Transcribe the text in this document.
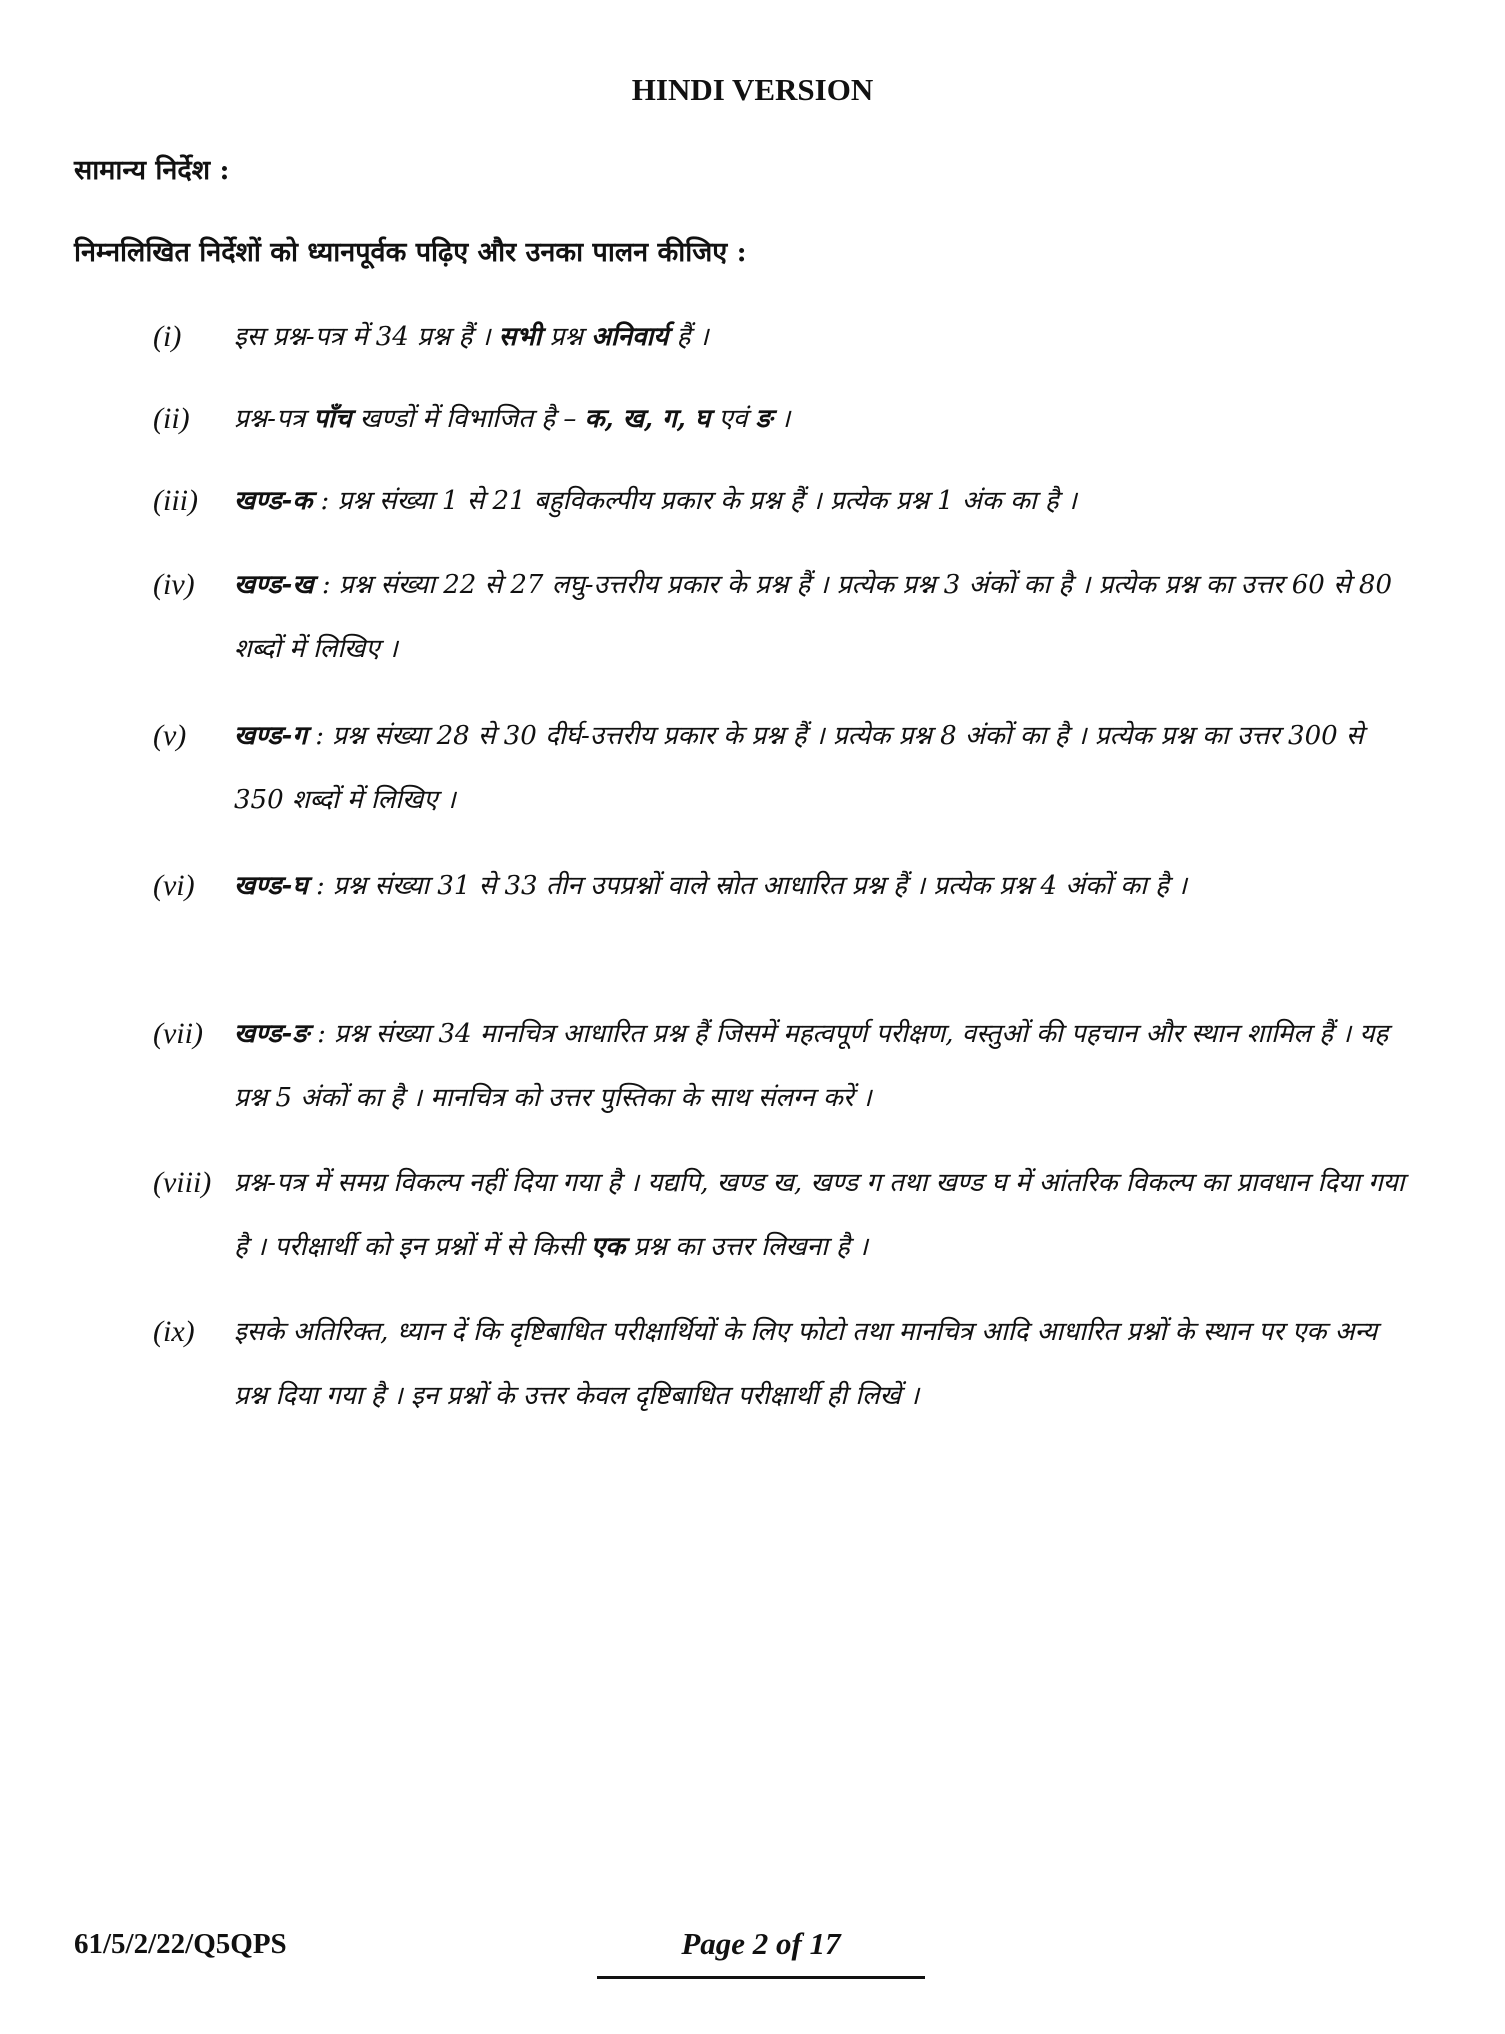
HINDI VERSION
सामान्य निर्देश :
निम्नलिखित निर्देशों को ध्यानपूर्वक पढ़िए और उनका पालन कीजिए :
(i) इस प्रश्न-पत्र में 34 प्रश्न हैं । सभी प्रश्न अनिवार्य हैं ।
(ii) प्रश्न-पत्र पाँच खण्डों में विभाजित है – क, ख, ग, घ एवं ङ ।
(iii) खण्ड-क : प्रश्न संख्या 1 से 21 बहुविकल्पीय प्रकार के प्रश्न हैं । प्रत्येक प्रश्न 1 अंक का है ।
(iv) खण्ड-ख : प्रश्न संख्या 22 से 27 लघु-उत्तरीय प्रकार के प्रश्न हैं । प्रत्येक प्रश्न 3 अंकों का है । प्रत्येक प्रश्न का उत्तर 60 से 80 शब्दों में लिखिए ।
(v) खण्ड-ग : प्रश्न संख्या 28 से 30 दीर्घ-उत्तरीय प्रकार के प्रश्न हैं । प्रत्येक प्रश्न 8 अंकों का है । प्रत्येक प्रश्न का उत्तर 300 से 350 शब्दों में लिखिए ।
(vi) खण्ड-घ : प्रश्न संख्या 31 से 33 तीन उपप्रश्नों वाले स्रोत आधारित प्रश्न हैं । प्रत्येक प्रश्न 4 अंकों का है ।
(vii) खण्ड-ङ : प्रश्न संख्या 34 मानचित्र आधारित प्रश्न हैं जिसमें महत्वपूर्ण परीक्षण, वस्तुओं की पहचान और स्थान शामिल हैं । यह प्रश्न 5 अंकों का है । मानचित्र को उत्तर पुस्तिका के साथ संलग्न करें ।
(viii) प्रश्न-पत्र में समग्र विकल्प नहीं दिया गया है । यद्यपि, खण्ड ख, खण्ड ग तथा खण्ड घ में आंतरिक विकल्प का प्रावधान दिया गया है । परीक्षार्थी को इन प्रश्नों में से किसी एक प्रश्न का उत्तर लिखना है ।
(ix) इसके अतिरिक्त, ध्यान दें कि दृष्टिबाधित परीक्षार्थियों के लिए फोटो तथा मानचित्र आदि आधारित प्रश्नों के स्थान पर एक अन्य प्रश्न दिया गया है । इन प्रश्नों के उत्तर केवल दृष्टिबाधित परीक्षार्थी ही लिखें ।
61/5/2/22/Q5QPS	Page 2 of 17
